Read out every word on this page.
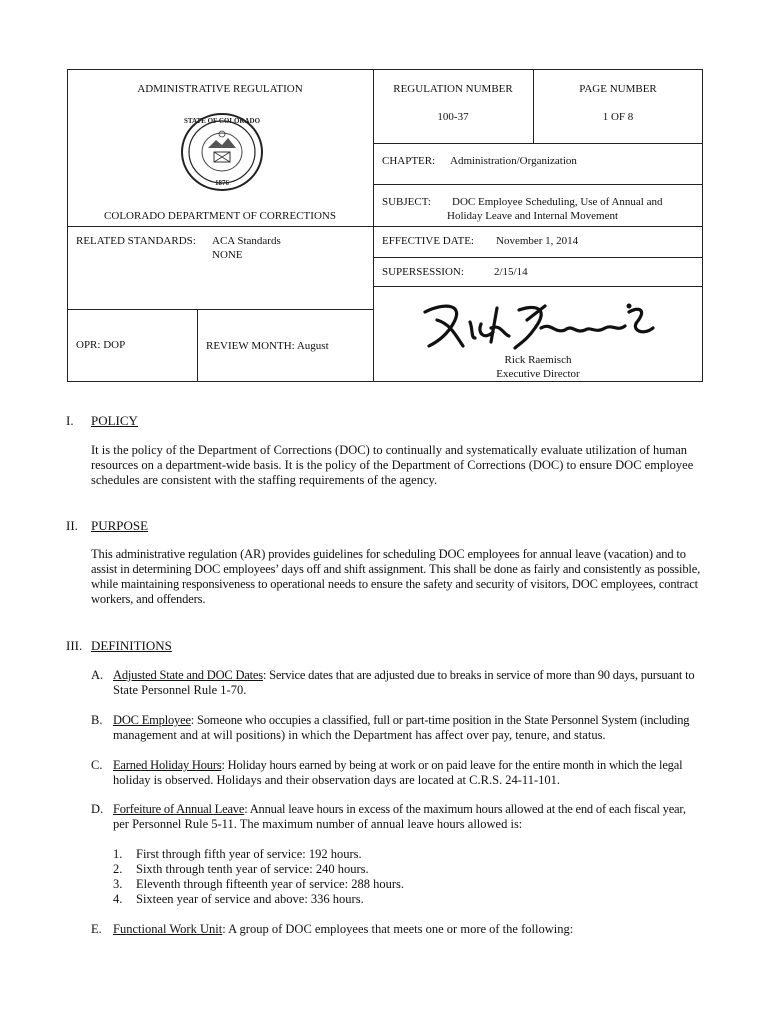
ADMINISTRATIVE REGULATION
STATE OF COLORADO
1876
COLORADO DEPARTMENT OF CORRECTIONS
REGULATION NUMBER
100-37
PAGE NUMBER
1 OF 8
CHAPTER: Administration/Organization
SUBJECT: DOC Employee Scheduling, Use of Annual and
Holiday Leave and Internal Movement
RELATED STANDARDS: ACA Standards
NONE
EFFECTIVE DATE: November 1, 2014
SUPERSESSION:	2/15/14
OPR: DOP	REVIEW MONTH: August
Rick Raemisch
Executive Director
I. POLICY
It is the policy of the Department of Corrections (DOC) to continually and systematically evaluate utilization of human
resources on a department-wide basis. It is the policy of the Department of Corrections (DOC) to ensure DOC employee
schedules are consistent with the staffing requirements of the agency.
II. PURPOSE
This administrative regulation (AR) provides guidelines for scheduling DOC employees for annual leave (vacation) and to
assist in determining DOC employees’ days off and shift assignment. This shall be done as fairly and consistently as possible,
while maintaining responsiveness to operational needs to ensure the safety and security of visitors, DOC employees, contract
workers, and offenders.
III. DEFINITIONS
A. Adjusted State and DOC Dates: Service dates that are adjusted due to breaks in service of more than 90 days, pursuant to
State Personnel Rule 1-70.
B. DOC Employee: Someone who occupies a classified, full or part-time position in the State Personnel System (including
management and at will positions) in which the Department has affect over pay, tenure, and status.
C. Earned Holiday Hours: Holiday hours earned by being at work or on paid leave for the entire month in which the legal
holiday is observed. Holidays and their observation days are located at C.R.S. 24-11-101.
D. Forfeiture of Annual Leave: Annual leave hours in excess of the maximum hours allowed at the end of each fiscal year,
per Personnel Rule 5-11. The maximum number of annual leave hours allowed is:
1. First through fifth year of service: 192 hours.
2. Sixth through tenth year of service: 240 hours.
3. Eleventh through fifteenth year of service: 288 hours.
4. Sixteen year of service and above: 336 hours.
E. Functional Work Unit: A group of DOC employees that meets one or more of the following:
